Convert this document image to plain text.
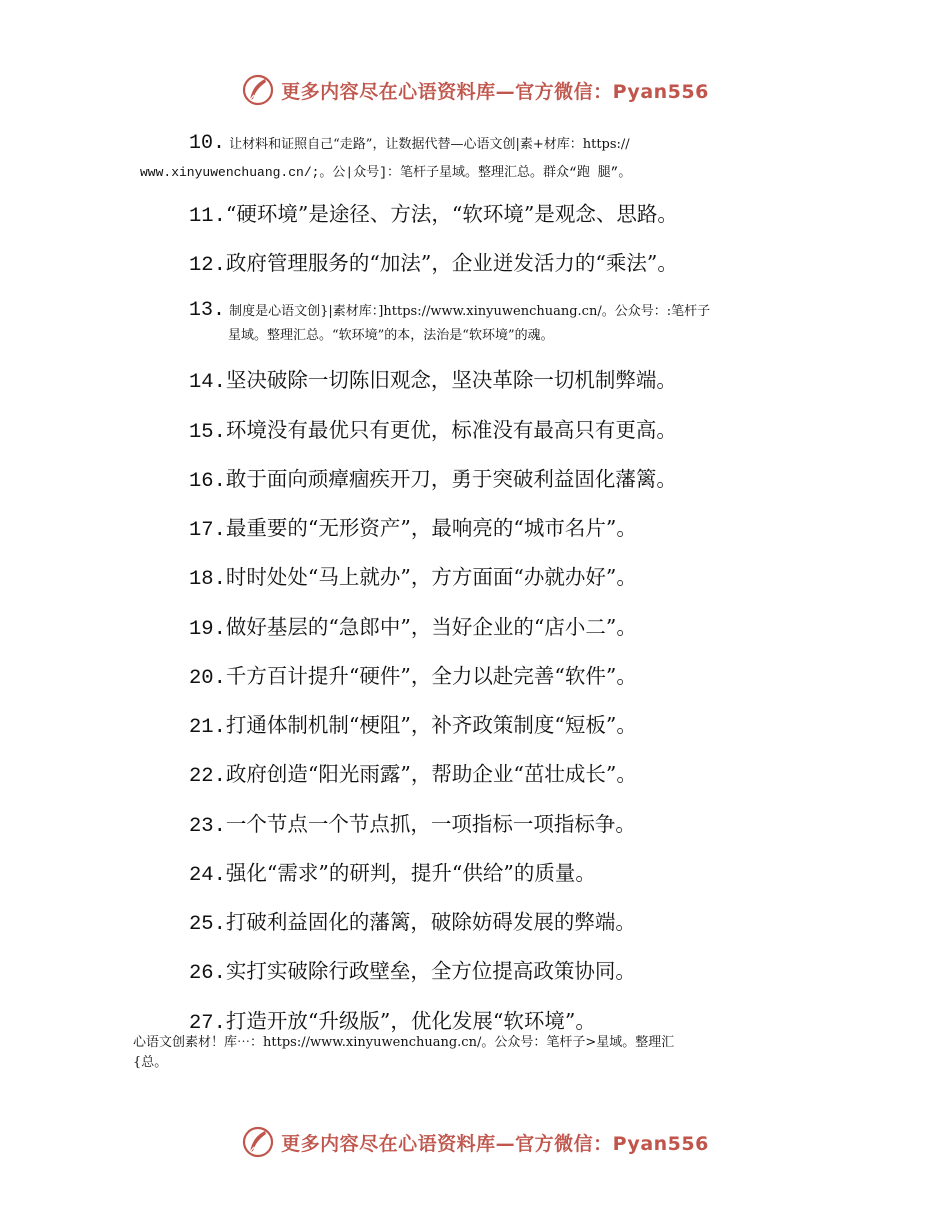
更多内容尽在心语资料库—官方微信：Pyan556
10. 让材料和证照自己“走路”，让数据代替—心语文创|素+材库：https://
www.xinyuwenchuang.cn/;。公|众号]：笔杆子星域。整理汇总。群众“跑 腿”。
11.“硬环境”是途径、方法，“软环境”是观念、思路。
12.政府管理服务的“加法”，企业迸发活力的“乘法”。
13. 制度是心语文创}|素材库：]https://www.xinyuwenchuang.cn/。公众号：:笔杆子
星域。整理汇总。“软环境”的本，法治是“软环境”的魂。
14.坚决破除一切陈旧观念，坚决革除一切机制弊端。
15.环境没有最优只有更优，标准没有最高只有更高。
16.敢于面向顽瘴痼疾开刀，勇于突破利益固化藩篱。
17.最重要的“无形资产”，最响亮的“城市名片”。
18.时时处处“马上就办”，方方面面“办就办好”。
19.做好基层的“急郎中”，当好企业的“店小二”。
20.千方百计提升“硬件”，全力以赴完善“软件”。
21.打通体制机制“梗阻”，补齐政策制度“短板”。
22.政府创造“阳光雨露”，帮助企业“茁壮成长”。
23.一个节点一个节点抓，一项指标一项指标争。
24.强化“需求”的研判，提升“供给”的质量。
25.打破利益固化的藩篱，破除妨碍发展的弊端。
26.实打实破除行政壁垒，全方位提高政策协同。
27.打造开放“升级版”，优化发展“软环境”。
心语文创素材！库⋯：https://www.xinyuwenchuang.cn/。公众号：笔杆子>星域。整理汇
{总。
更多内容尽在心语资料库—官方微信：Pyan556
